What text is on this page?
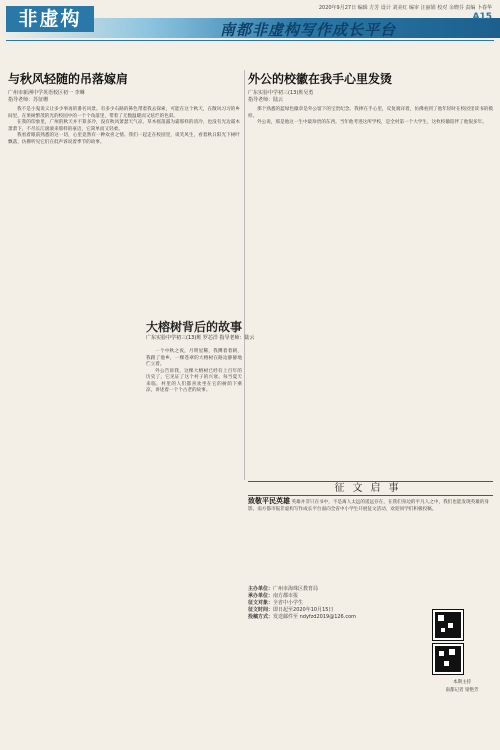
非虚构	2020年9月27日 编辑 方芳 设计 刘美红 编审 汪丽娟 校对 余晓芬 责编 卜春华
A15
南都非虚构写作成长平台
与秋风轻随的吊落嫁肩
广州市新洲中学英语校区初一 李琳
指导老师：苏征珊

我不是小鬼说义让多少事再的番名风景。有多少石路的鼻色带着我去探索，可能在这个秋天，在散风习习的乡间里，在果树繁茂的光的校园中的一个个角落里，带着了无数温暖而又炫烂的色彩。

在我的印象里，广州的秋天并不算多冷，没有秋风萧瑟天气凉，草木摇落露为霜那样的清冷，也没有光边霜木萧萧下，不尽长江滚滚来那样的豪迈，它简单而又轻柔。

我看着眼前熟悉的这一切，心里竟然有一种欢喜之情。我们一起走在校园里，谈笑风生，看着秋日阳光下树叶飘落，仿佛听见它们在低声诉说着季节的故事。

外公的校徽在我手心里发烫
广东实验中学初三(13)班吴勇
指导老师：陆云

那个熟悉的蓝绿色徽章是外公留下的宝贵纪念。我捧在手心里，反复端详着，仿佛看到了他年轻时在校园里读书的模样。

外公说，那是他这一生中最珍贵的东西。当年他考进这所学校，是全村第一个大学生，这枚校徽陪伴了他很多年。

大榕树背后的故事
广东实验中学初三(13)班 罗芯洋 指导老师：陆云

一个中秋之夜，月明星稀，我蹲着着朝，我跟了他乡，一棵苍翠的大榕树在路边静静地伫立着。

外公告诉我，这棵大榕树已经有上百年的历史了，它见证了这个村子的兴衰。每当夏天来临，村里的人们都喜欢坐在它的树荫下乘凉，讲述着一个个古老的故事。

征文启事
致敬平民英雄 英雄并非只在书中，不是离人太远的遥远存在，在我们身边的平凡人之中，我们也能发现英雄的身影。南方都市报非虚构写作成长平台面向全省中小学生开展征文活动，欢迎同学们积极投稿。
主办单位：广州市海珠区教育局
承办单位：南方都市报
征文对象：全省中小学生
征文时间：即日起至2020年10月15日
投稿方式：发送邮件至 ndyfzd2019@126.com

本期主持
南都记者 梁艳芳
